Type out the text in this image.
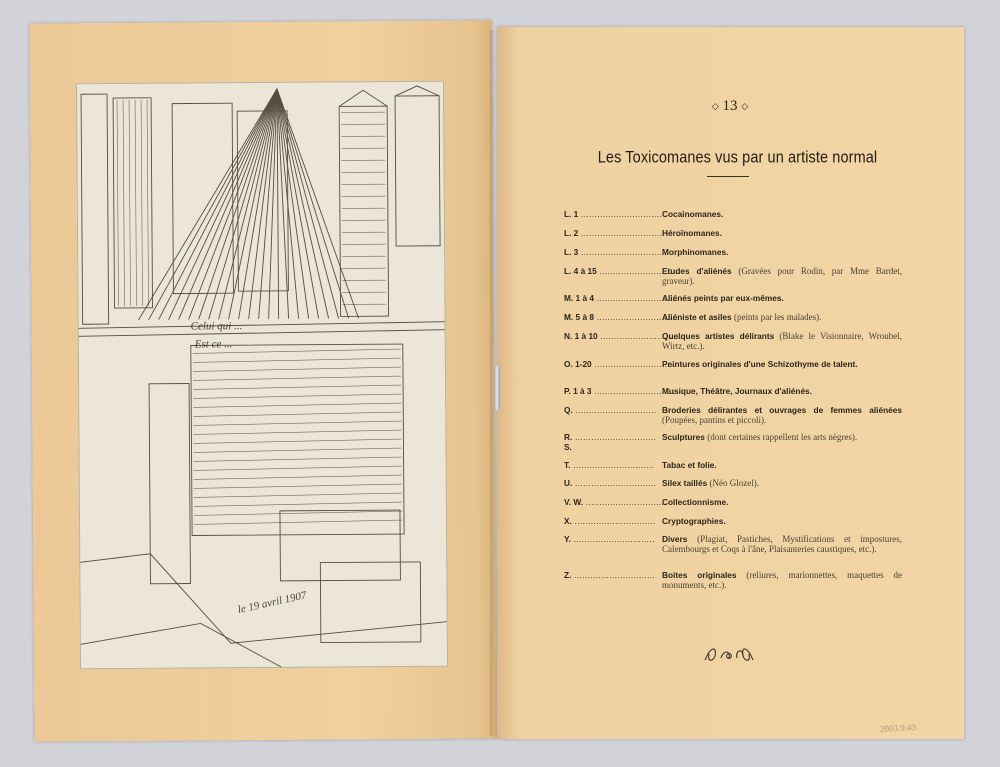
Celui qui ...
Est ce ...
le 19 avril 1907
◇ 13 ◇
Les Toxicomanes vus par un artiste normal
L. 1 .............................. Cocainomanes.
L. 2 .............................. Héroïnomanes.
L. 3 .............................. Morphinomanes.
L. 4 à 15 ..............................
Etudes d'aliénés (Gravées pour Rodin, par Mme Bardet, graveur).
M. 1 à 4 ..............................
Aliénés peints par eux-mêmes.
M. 5 à 8 ..............................
Aliéniste et asiles (peints par les malades).
N. 1 à 10 ..............................
Quelques artistes délirants (Blake le Visionnaire, Wroubel, Wirtz, etc.).
O. 1-20 ..............................
Peintures originales d'une Schizothyme de talent.
P. 1 à 3 ..............................
Musique, Théâtre, Journaux d'aliénés.
Q. .............................. Broderies délirantes et ouvrages de femmes aliénées (Poupées, pantins et piccoli).
R. ..............................
S.
Sculptures (dont certaines rappellent les arts nègres).
T. .............................. Tabac et folie.
U. .............................. Silex taillés (Néo Glozel).
V. W. ..............................
Collectionnisme.
X. .............................. Cryptographies.
Y. .............................. Divers (Plagiat, Pastiches, Mystifications et impostures, Calembourgs et Coqs à l'âne, Plaisanteries caustiques, etc.).
Z. .............................. Boites originales (reliures, marionnettes, maquettes de monuments, etc.).
2003.9.43
